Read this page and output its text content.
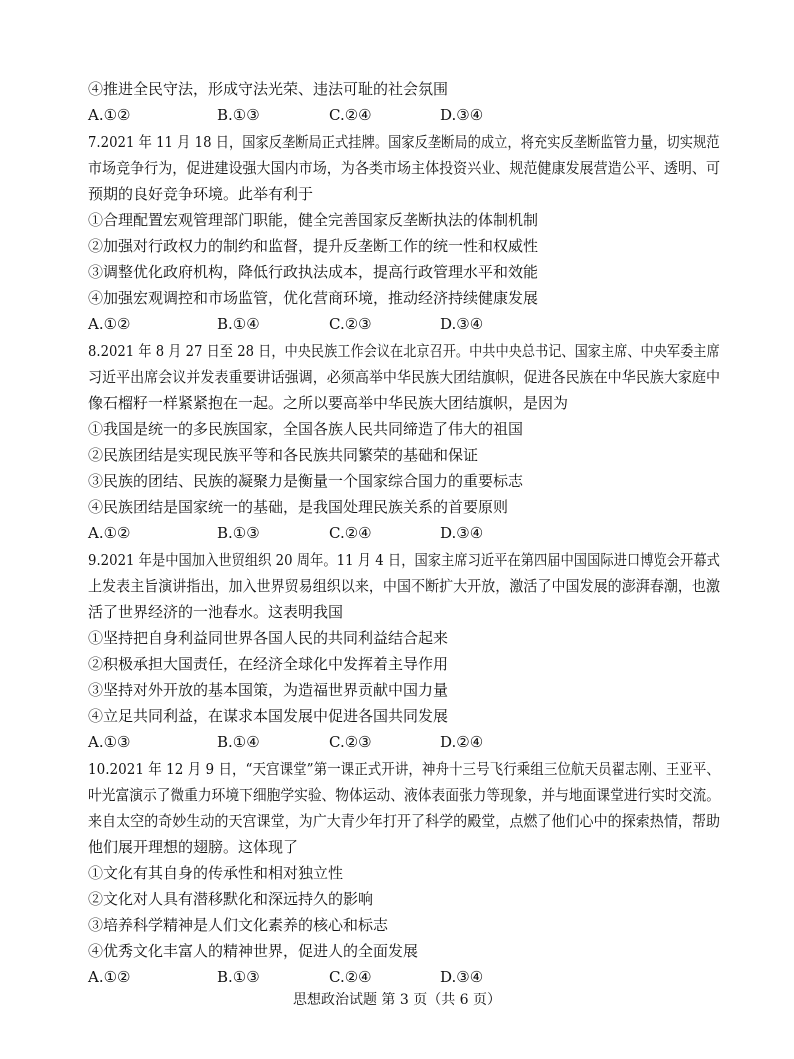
④推进全民守法，形成守法光荣、违法可耻的社会氛围
A.①②	B.①③	C.②④	D.③④
7.2021 年 11 月 18 日，国家反垄断局正式挂牌。国家反垄断局的成立，将充实反垄断监管力量，切实规范
市场竞争行为，促进建设强大国内市场，为各类市场主体投资兴业、规范健康发展营造公平、透明、可
预期的良好竞争环境。此举有利于
①合理配置宏观管理部门职能，健全完善国家反垄断执法的体制机制
②加强对行政权力的制约和监督，提升反垄断工作的统一性和权威性
③调整优化政府机构，降低行政执法成本，提高行政管理水平和效能
④加强宏观调控和市场监管，优化营商环境，推动经济持续健康发展
A.①②	B.①④	C.②③	D.③④
8.2021 年 8 月 27 日至 28 日，中央民族工作会议在北京召开。中共中央总书记、国家主席、中央军委主席
习近平出席会议并发表重要讲话强调，必须高举中华民族大团结旗帜，促进各民族在中华民族大家庭中
像石榴籽一样紧紧抱在一起。之所以要高举中华民族大团结旗帜，是因为
①我国是统一的多民族国家，全国各族人民共同缔造了伟大的祖国
②民族团结是实现民族平等和各民族共同繁荣的基础和保证
③民族的团结、民族的凝聚力是衡量一个国家综合国力的重要标志
④民族团结是国家统一的基础，是我国处理民族关系的首要原则
A.①②	B.①③	C.②④	D.③④
9.2021 年是中国加入世贸组织 20 周年。11 月 4 日，国家主席习近平在第四届中国国际进口博览会开幕式
上发表主旨演讲指出，加入世界贸易组织以来，中国不断扩大开放，激活了中国发展的澎湃春潮，也激
活了世界经济的一池春水。这表明我国
①坚持把自身利益同世界各国人民的共同利益结合起来
②积极承担大国责任，在经济全球化中发挥着主导作用
③坚持对外开放的基本国策，为造福世界贡献中国力量
④立足共同利益，在谋求本国发展中促进各国共同发展
A.①③	B.①④	C.②③	D.②④
10.2021 年 12 月 9 日，“天宫课堂”第一课正式开讲，神舟十三号飞行乘组三位航天员翟志刚、王亚平、
叶光富演示了微重力环境下细胞学实验、物体运动、液体表面张力等现象，并与地面课堂进行实时交流。
来自太空的奇妙生动的天宫课堂，为广大青少年打开了科学的殿堂，点燃了他们心中的探索热情，帮助
他们展开理想的翅膀。这体现了
①文化有其自身的传承性和相对独立性
②文化对人具有潜移默化和深远持久的影响
③培养科学精神是人们文化素养的核心和标志
④优秀文化丰富人的精神世界，促进人的全面发展
A.①②	B.①③	C.②④	D.③④
思想政治试题 第 3 页（共 6 页）
